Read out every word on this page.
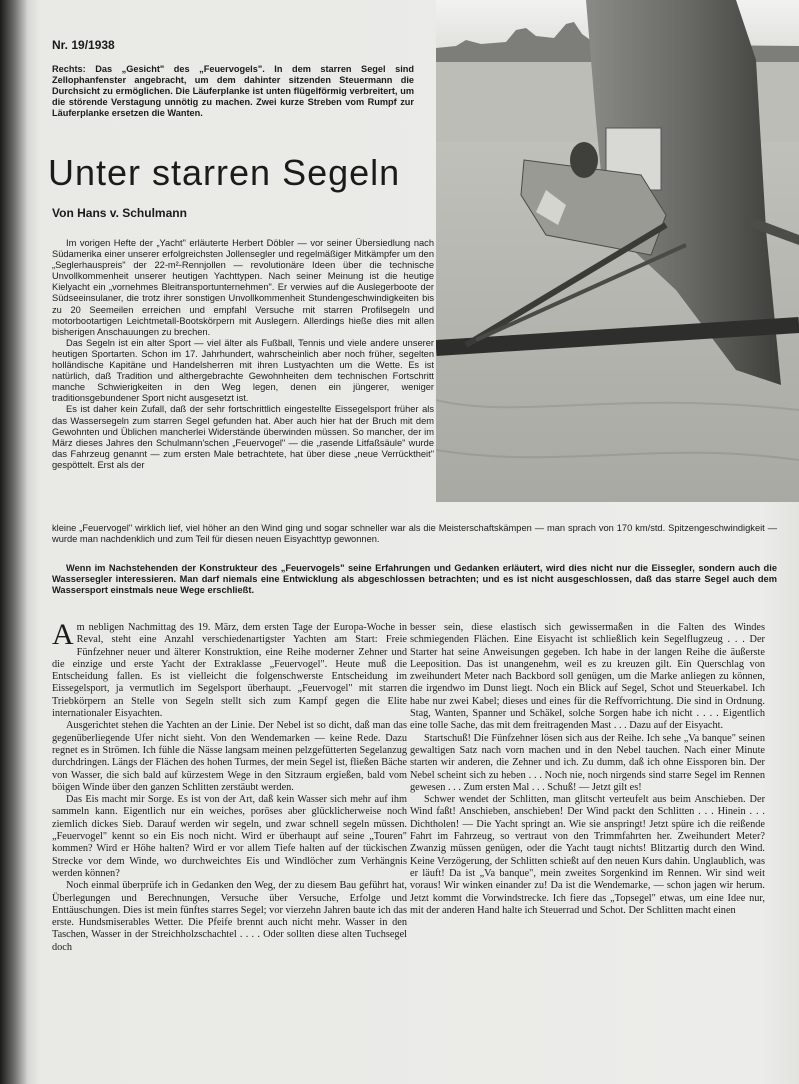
Nr. 19/1938
Rechts: Das „Gesicht" des „Feuervogels". In dem starren Segel sind Zellophanfenster angebracht, um dem dahinter sitzenden Steuermann die Durchsicht zu ermöglichen. Die Läuferplanke ist unten flügelförmig verbreitert, um die störende Verstagung unnötig zu machen. Zwei kurze Streben vom Rumpf zur Läuferplanke ersetzen die Wanten.
Unter starren Segeln
Von Hans v. Schulmann

Im vorigen Hefte der „Yacht" erläuterte Herbert Döbler — vor seiner Übersiedlung nach Südamerika einer unserer erfolgreichsten Jollensegler und regelmäßiger Mitkämpfer um den „Seglerhauspreis" der 22-m²-Rennjollen — revolutionäre Ideen über die technische Unvollkommenheit unserer heutigen Yachttypen. Nach seiner Meinung ist die heutige Kielyacht ein „vornehmes Bleitransportunternehmen". Er verwies auf die Auslegerboote der Südseeinsulaner, die trotz ihrer sonstigen Unvollkommenheit Stundengeschwindigkeiten bis zu 20 Seemeilen erreichen und empfahl Versuche mit starren Profilsegeln und motorbootartigen Leichtmetall-Bootskörpern mit Auslegern. Allerdings hieße dies mit allen bisherigen Anschauungen zu brechen.

Das Segeln ist ein alter Sport — viel älter als Fußball, Tennis und viele andere unserer heutigen Sportarten. Schon im 17. Jahrhundert, wahrscheinlich aber noch früher, segelten holländische Kapitäne und Handelsherren mit ihren Lustyachten um die Wette. Es ist natürlich, daß Tradition und althergebrachte Gewohnheiten dem technischen Fortschritt manche Schwierigkeiten in den Weg legen, denen ein jüngerer, weniger traditionsgebundener Sport nicht ausgesetzt ist.

Es ist daher kein Zufall, daß der sehr fortschrittlich eingestellte Eissegelsport früher als das Wassersegeln zum starren Segel gefunden hat. Aber auch hier hat der Bruch mit dem Gewohnten und Üblichen mancherlei Widerstände überwinden müssen. So mancher, der im März dieses Jahres den Schulmann'schen „Feuervogel" — die „rasende Litfaßsäule" wurde das Fahrzeug genannt — zum ersten Male betrachtete, hat über diese „neue Verrücktheit" gespöttelt. Erst als der

kleine „Feuervogel" wirklich lief, viel höher an den Wind ging und sogar schneller war als die Meisterschaftskämpen — man sprach von 170 km/std. Spitzengeschwindigkeit — wurde man nachdenklich und zum Teil für diesen neuen Eisyachttyp gewonnen.

Wenn im Nachstehenden der Konstrukteur des „Feuervogels" seine Erfahrungen und Gedanken erläutert, wird dies nicht nur die Eissegler, sondern auch die Wassersegler interessieren. Man darf niemals eine Entwicklung als abgeschlossen betrachten; und es ist nicht ausgeschlossen, daß das starre Segel auch dem Wassersport einstmals neue Wege erschließt.

Am nebligen Nachmittag des 19. März, dem ersten Tage der Europa-Woche in Reval, steht eine Anzahl verschiedenartigster Yachten am Start: Freie Fünfzehner neuer und älterer Konstruktion, eine Reihe moderner Zehner und die einzige und erste Yacht der Extraklasse „Feuervogel". Heute muß die Entscheidung fallen. Es ist vielleicht die folgenschwerste Entscheidung im Eissegelsport, ja vermutlich im Segelsport überhaupt. „Feuervogel" mit starren Triebkörpern an Stelle von Segeln stellt sich zum Kampf gegen die Elite internationaler Eisyachten.

Ausgerichtet stehen die Yachten an der Linie. Der Nebel ist so dicht, daß man das gegenüberliegende Ufer nicht sieht. Von den Wendemarken — keine Rede. Dazu regnet es in Strömen. Ich fühle die Nässe langsam meinen pelzgefütterten Segelanzug durchdringen. Längs der Flächen des hohen Turmes, der mein Segel ist, fließen Bäche von Wasser, die sich bald auf kürzestem Wege in den Sitzraum ergießen, bald vom böigen Winde über den ganzen Schlitten zerstäubt werden.

Das Eis macht mir Sorge. Es ist von der Art, daß kein Wasser sich mehr auf ihm sammeln kann. Eigentlich nur ein weiches, poröses aber glücklicherweise noch ziemlich dickes Sieb. Darauf werden wir segeln, und zwar schnell segeln müssen. „Feuervogel" kennt so ein Eis noch nicht. Wird er überhaupt auf seine „Touren" kommen? Wird er Höhe halten? Wird er vor allem Tiefe halten auf der tückischen Strecke vor dem Winde, wo durchweichtes Eis und Windlöcher zum Verhängnis werden können?

Noch einmal überprüfe ich in Gedanken den Weg, der zu diesem Bau geführt hat, Überlegungen und Berechnungen, Versuche über Versuche, Erfolge und Enttäuschungen. Dies ist mein fünftes starres Segel; vor vierzehn Jahren baute ich das erste. Hundsmiserables Wetter. Die Pfeife brennt auch nicht mehr. Wasser in den Taschen, Wasser in der Streichholzschachtel . . . . Oder sollten diese alten Tuchsegel doch

besser sein, diese elastisch sich gewissermaßen in die Falten des Windes schmiegenden Flächen. Eine Eisyacht ist schließlich kein Segelflugzeug . . . Der Starter hat seine Anweisungen gegeben. Ich habe in der langen Reihe die äußerste Leeposition. Das ist unangenehm, weil es zu kreuzen gilt. Ein Querschlag von zweihundert Meter nach Backbord soll genügen, um die Marke anliegen zu können, die irgendwo im Dunst liegt. Noch ein Blick auf Segel, Schot und Steuerkabel. Ich habe nur zwei Kabel; dieses und eines für die Reffvorrichtung. Die sind in Ordnung. Stag, Wanten, Spanner und Schäkel, solche Sorgen habe ich nicht . . . . Eigentlich eine tolle Sache, das mit dem freitragenden Mast . . . Dazu auf der Eisyacht.

Startschuß! Die Fünfzehner lösen sich aus der Reihe. Ich sehe „Va banque" seinen gewaltigen Satz nach vorn machen und in den Nebel tauchen. Nach einer Minute starten wir anderen, die Zehner und ich. Zu dumm, daß ich ohne Eissporen bin. Der Nebel scheint sich zu heben . . . Noch nie, noch nirgends sind starre Segel im Rennen gewesen . . . Zum ersten Mal . . . Schuß! — Jetzt gilt es!

Schwer wendet der Schlitten, man glitscht verteufelt aus beim Anschieben. Der Wind faßt! Anschieben, anschieben! Der Wind packt den Schlitten . . . Hinein . . . Dichtholen! — Die Yacht springt an. Wie sie anspringt! Jetzt spüre ich die reißende Fahrt im Fahrzeug, so vertraut von den Trimmfahrten her. Zweihundert Meter? Zwanzig müssen genügen, oder die Yacht taugt nichts! Blitzartig durch den Wind. Keine Verzögerung, der Schlitten schießt auf den neuen Kurs dahin. Unglaublich, was er läuft! Da ist „Va banque", mein zweites Sorgenkind im Rennen. Wir sind weit voraus! Wir winken einander zu! Da ist die Wendemarke, — schon jagen wir herum. Jetzt kommt die Vorwindstrecke. Ich fiere das „Topsegel" etwas, um eine Idee nur, mit der anderen Hand halte ich Steuerrad und Schot. Der Schlitten macht einen
